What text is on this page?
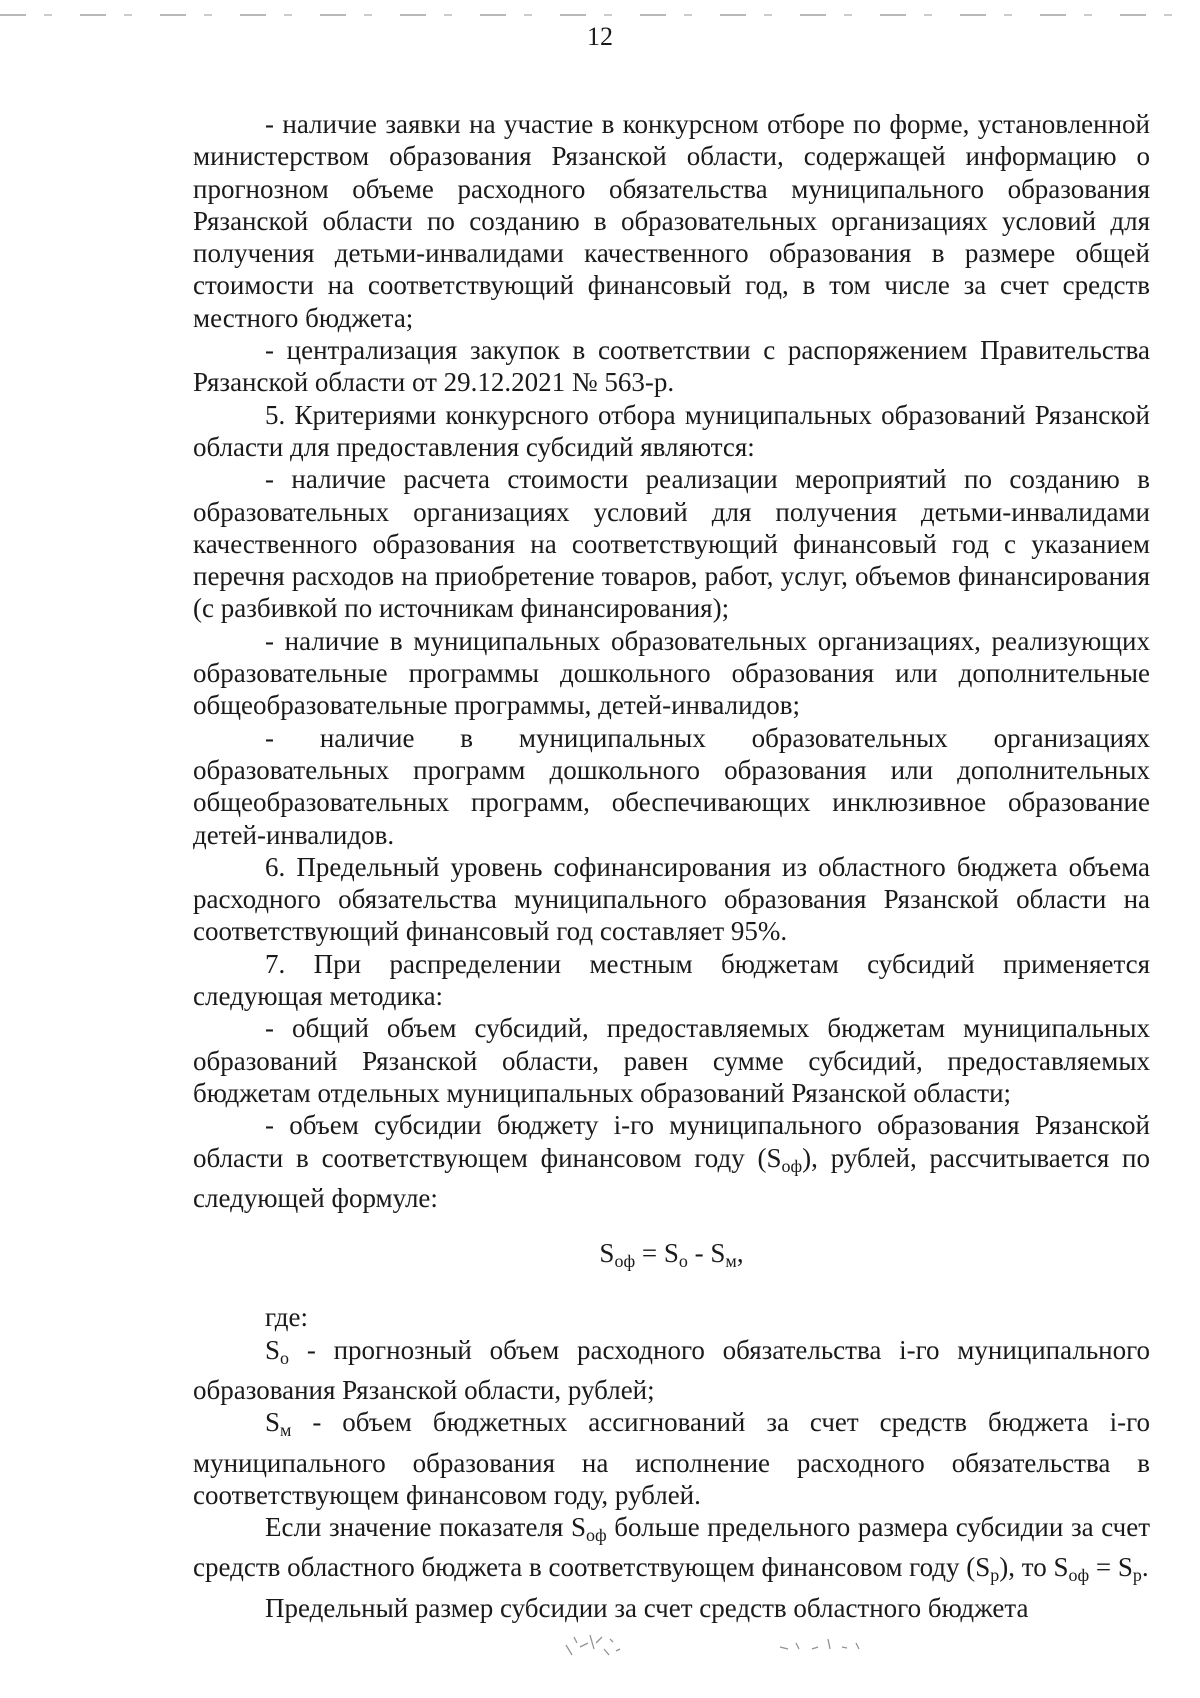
12

- наличие заявки на участие в конкурсном отборе по форме, установленной министерством образования Рязанской области, содержащей информацию о прогнозном объеме расходного обязательства муниципального образования Рязанской области по созданию в образовательных организациях условий для получения детьми-инвалидами качественного образования в размере общей стоимости на соответствующий финансовый год, в том числе за счет средств местного бюджета;

- централизация закупок в соответствии с распоряжением Правительства Рязанской области от 29.12.2021 № 563-р.

5. Критериями конкурсного отбора муниципальных образований Рязанской области для предоставления субсидий являются:

- наличие расчета стоимости реализации мероприятий по созданию в образовательных организациях условий для получения детьми-инвалидами качественного образования на соответствующий финансовый год с указанием перечня расходов на приобретение товаров, работ, услуг, объемов финансирования (с разбивкой по источникам финансирования);

- наличие в муниципальных образовательных организациях, реализующих образовательные программы дошкольного образования или дополнительные общеобразовательные программы, детей-инвалидов;

- наличие в муниципальных образовательных организациях образовательных программ дошкольного образования или дополнительных общеобразовательных программ, обеспечивающих инклюзивное образование детей-инвалидов.

6. Предельный уровень софинансирования из областного бюджета объема расходного обязательства муниципального образования Рязанской области на соответствующий финансовый год составляет 95%.

7. При распределении местным бюджетам субсидий применяется следующая методика:

- общий объем субсидий, предоставляемых бюджетам муниципальных образований Рязанской области, равен сумме субсидий, предоставляемых бюджетам отдельных муниципальных образований Рязанской области;

- объем субсидии бюджету i-го муниципального образования Рязанской области в соответствующем финансовом году $(S_{оф})$, рублей, рассчитывается по следующей формуле:

$S_{оф} = S_о - S_м$,

где:

$S_о$ - прогнозный объем расходного обязательства i-го муниципального образования Рязанской области, рублей;

$S_м$ - объем бюджетных ассигнований за счет средств бюджета i-го муниципального образования на исполнение расходного обязательства в соответствующем финансовом году, рублей.

Если значение показателя $S_{оф}$ больше предельного размера субсидии за счет средств областного бюджета в соответствующем финансовом году $(S_р)$, то $S_{оф} = S_р$.

Предельный размер субсидии за счет средств областного бюджета
